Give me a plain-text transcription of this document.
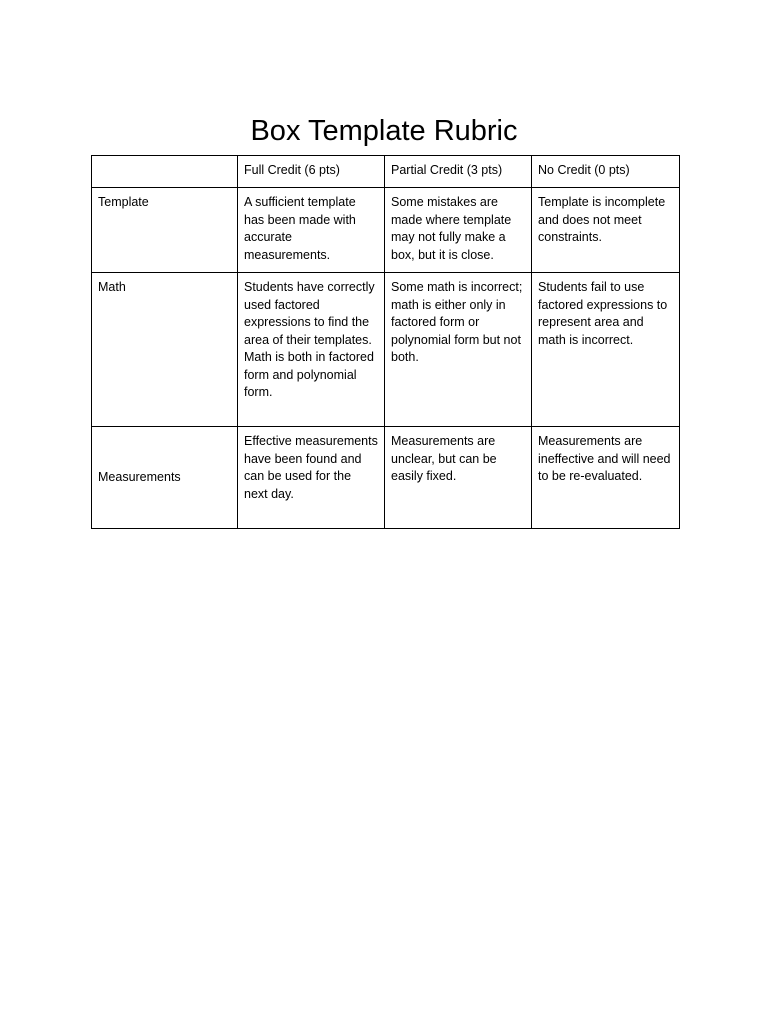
Box Template Rubric
	Full Credit (6 pts)	Partial Credit (3 pts)	No Credit (0 pts)
Template	A sufficient template has been made with accurate measurements.	Some mistakes are made where template may not fully make a box, but it is close.	Template is incomplete and does not meet constraints.
Math	Students have correctly used factored expressions to find the area of their templates. Math is both in factored form and polynomial form.	Some math is incorrect; math is either only in factored form or polynomial form but not both.	Students fail to use factored expressions to represent area and math is incorrect.
Measurements	Effective measurements have been found and can be used for the next day.	Measurements are unclear, but can be easily fixed.	Measurements are ineffective and will need to be re-evaluated.
